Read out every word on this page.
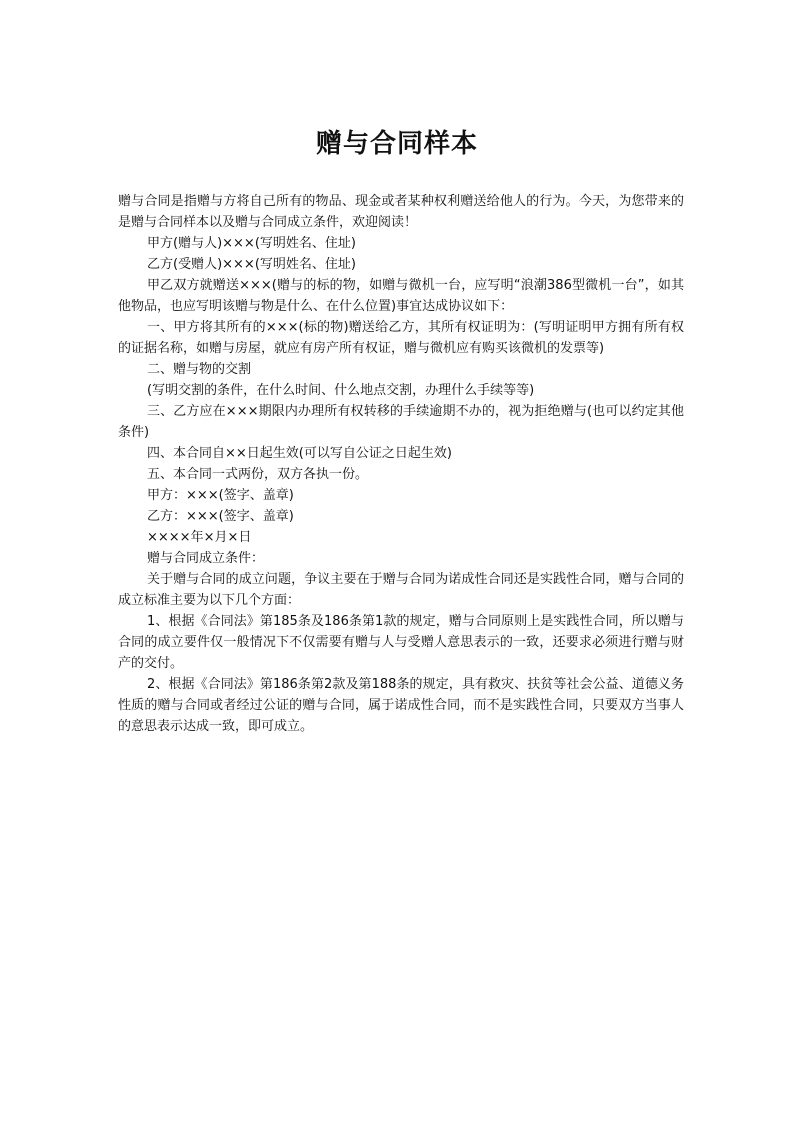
赠与合同样本

赠与合同是指赠与方将自己所有的物品、现金或者某种权利赠送给他人的行为。今天，为您带来的是赠与合同样本以及赠与合同成立条件，欢迎阅读！

甲方(赠与人)×××(写明姓名、住址)

乙方(受赠人)×××(写明姓名、住址)

甲乙双方就赠送×××(赠与的标的物，如赠与微机一台，应写明“浪潮386型微机一台”，如其他物品，也应写明该赠与物是什么、在什么位置)事宜达成协议如下：

一、甲方将其所有的×××(标的物)赠送给乙方，其所有权证明为：(写明证明甲方拥有所有权的证据名称，如赠与房屋，就应有房产所有权证，赠与微机应有购买该微机的发票等)

二、赠与物的交割

(写明交割的条件，在什么时间、什么地点交割，办理什么手续等等)

三、乙方应在×××期限内办理所有权转移的手续逾期不办的，视为拒绝赠与(也可以约定其他条件)

四、本合同自××日起生效(可以写自公证之日起生效)

五、本合同一式两份，双方各执一份。

甲方：×××(签字、盖章)

乙方：×××(签字、盖章)

××××年×月×日

赠与合同成立条件：

关于赠与合同的成立问题，争议主要在于赠与合同为诺成性合同还是实践性合同，赠与合同的成立标准主要为以下几个方面：

1、根据《合同法》第185条及186条第1款的规定，赠与合同原则上是实践性合同，所以赠与合同的成立要件仅一般情况下不仅需要有赠与人与受赠人意思表示的一致，还要求必须进行赠与财产的交付。

2、根据《合同法》第186条第2款及第188条的规定，具有救灾、扶贫等社会公益、道德义务性质的赠与合同或者经过公证的赠与合同，属于诺成性合同，而不是实践性合同，只要双方当事人的意思表示达成一致，即可成立。
